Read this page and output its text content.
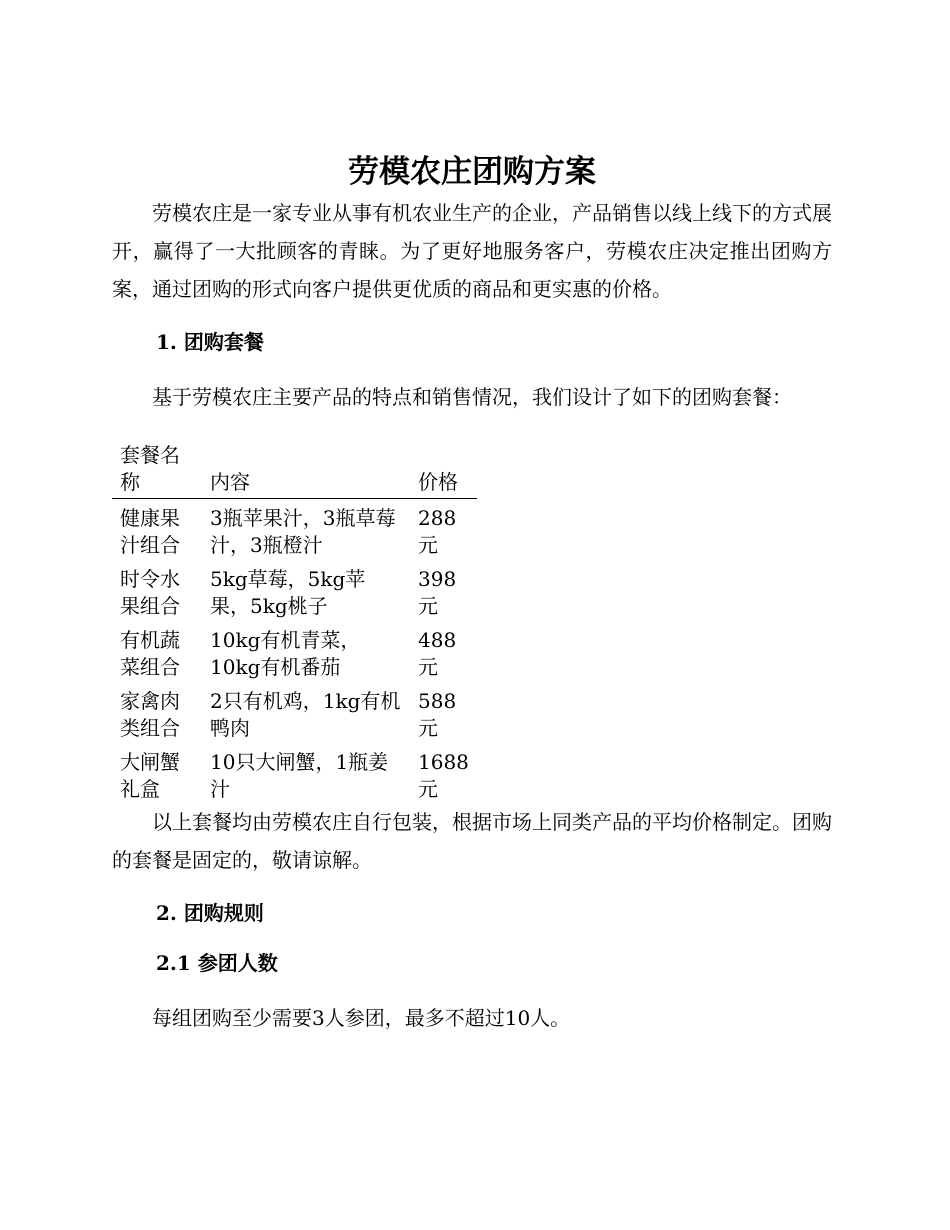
劳模农庄团购方案

劳模农庄是一家专业从事有机农业生产的企业，产品销售以线上线下的方式展开，赢得了一大批顾客的青睐。为了更好地服务客户，劳模农庄决定推出团购方案，通过团购的形式向客户提供更优质的商品和更实惠的价格。

1. 团购套餐

基于劳模农庄主要产品的特点和销售情况，我们设计了如下的团购套餐：

套餐名称	内容	价格
健康果汁组合	3瓶苹果汁，3瓶草莓汁，3瓶橙汁	288元
时令水果组合	5kg草莓，5kg苹果，5kg桃子	398元
有机蔬菜组合	10kg有机青菜，10kg有机番茄	488元
家禽肉类组合	2只有机鸡，1kg有机鸭肉	588元
大闸蟹礼盒	10只大闸蟹，1瓶姜汁	1688元

以上套餐均由劳模农庄自行包装，根据市场上同类产品的平均价格制定。团购的套餐是固定的，敬请谅解。

2. 团购规则
2.1 参团人数

每组团购至少需要3人参团，最多不超过10人。
